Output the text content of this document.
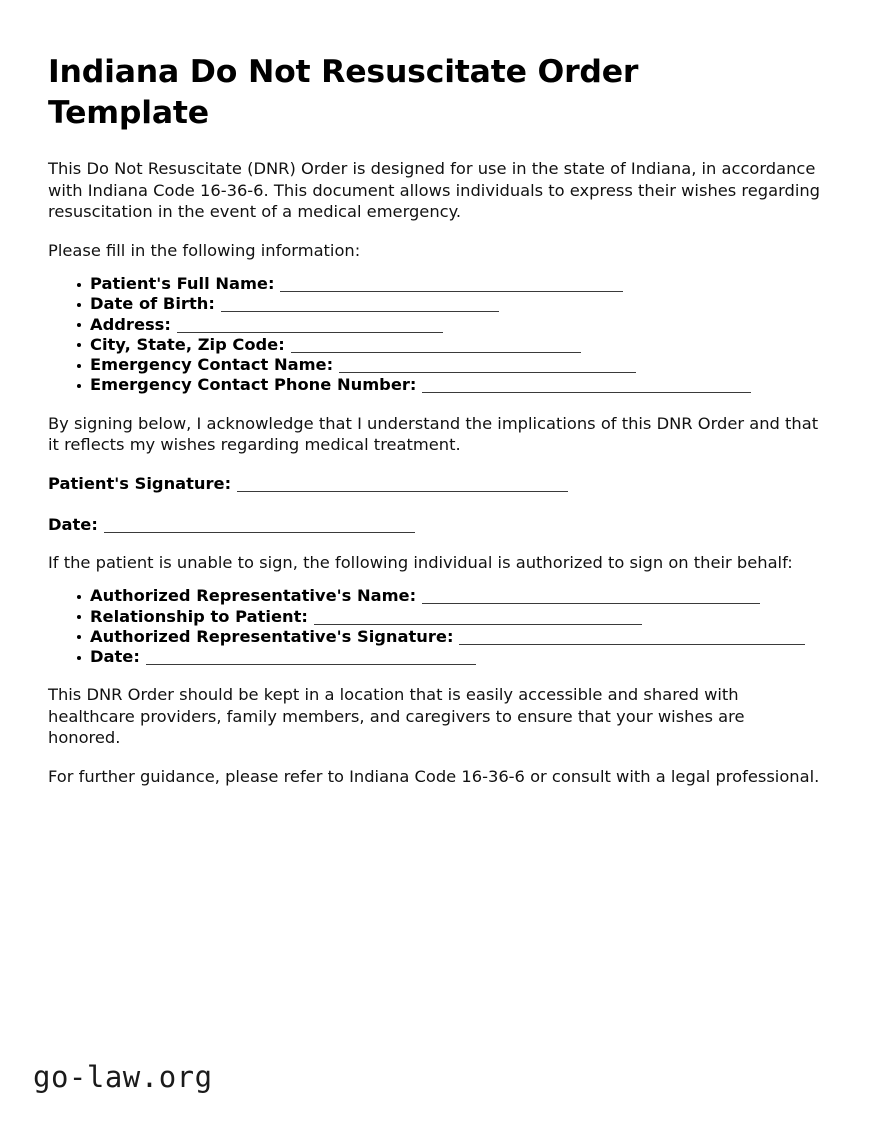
Indiana Do Not Resuscitate Order Template

This Do Not Resuscitate (DNR) Order is designed for use in the state of Indiana, in accordance with Indiana Code 16-36-6. This document allows individuals to express their wishes regarding resuscitation in the event of a medical emergency.

Please fill in the following information:

Patient's Full Name:
Date of Birth:
Address:
City, State, Zip Code:
Emergency Contact Name:
Emergency Contact Phone Number:

By signing below, I acknowledge that I understand the implications of this DNR Order and that it reflects my wishes regarding medical treatment.

Patient's Signature:

Date:

If the patient is unable to sign, the following individual is authorized to sign on their behalf:

Authorized Representative's Name:
Relationship to Patient:
Authorized Representative's Signature:
Date:

This DNR Order should be kept in a location that is easily accessible and shared with healthcare providers, family members, and caregivers to ensure that your wishes are honored.

For further guidance, please refer to Indiana Code 16-36-6 or consult with a legal professional.

go-law.org
